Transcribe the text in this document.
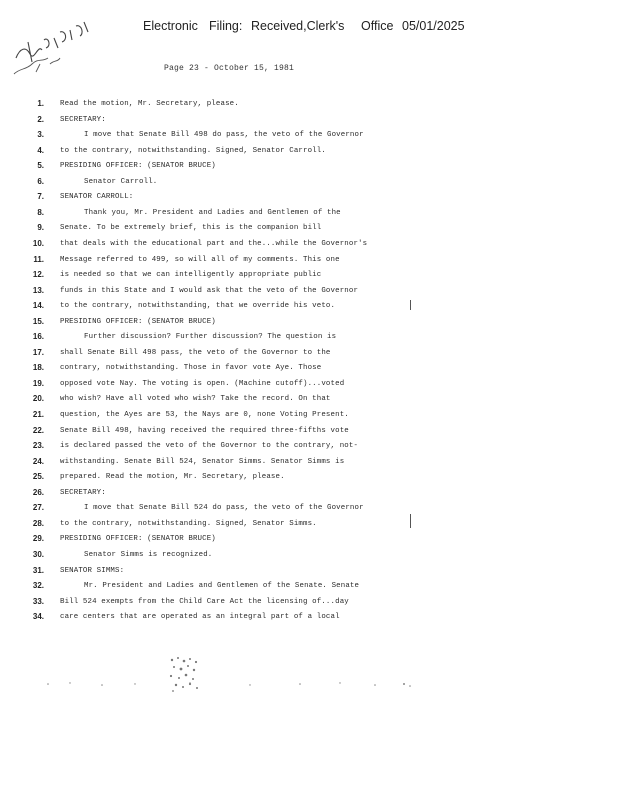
Electronic Filing: Received,Clerk's Office 05/01/2025
Page 23 - October 15, 1981
1. Read the motion, Mr. Secretary, please.
2. SECRETARY:
3.	I move that Senate Bill 498 do pass, the veto of the Governor
4. to the contrary, notwithstanding. Signed, Senator Carroll.
5. PRESIDING OFFICER: (SENATOR BRUCE)
6.	Senator Carroll.
7. SENATOR CARROLL:
8.	Thank you, Mr. President and Ladies and Gentlemen of the
9. Senate. To be extremely brief, this is the companion bill
10. that deals with the educational part and the...while the Governor's
11. Message referred to 499, so will all of my comments. This one
12. is needed so that we can intelligently appropriate public
13. funds in this State and I would ask that the veto of the Governor
14. to the contrary, notwithstanding, that we override his veto.
15. PRESIDING OFFICER: (SENATOR BRUCE)
16.	Further discussion? Further discussion? The question is
17. shall Senate Bill 498 pass, the veto of the Governor to the
18. contrary, notwithstanding. Those in favor vote Aye. Those
19. opposed vote Nay. The voting is open. (Machine cutoff)...voted
20. who wish? Have all voted who wish? Take the record. On that
21. question, the Ayes are 53, the Nays are 0, none Voting Present.
22. Senate Bill 498, having received the required three-fifths vote
23. is declared passed the veto of the Governor to the contrary, not-
24. withstanding. Senate Bill 524, Senator Simms. Senator Simms is
25. prepared. Read the motion, Mr. Secretary, please.
26. SECRETARY:
27.	I move that Senate Bill 524 do pass, the veto of the Governor
28. to the contrary, notwithstanding. Signed, Senator Simms.
29. PRESIDING OFFICER: (SENATOR BRUCE)
30.	Senator Simms is recognized.
31. SENATOR SIMMS:
32.	Mr. President and Ladies and Gentlemen of the Senate. Senate
33. Bill 524 exempts from the Child Care Act the licensing of...day
34. care centers that are operated as an integral part of a local
